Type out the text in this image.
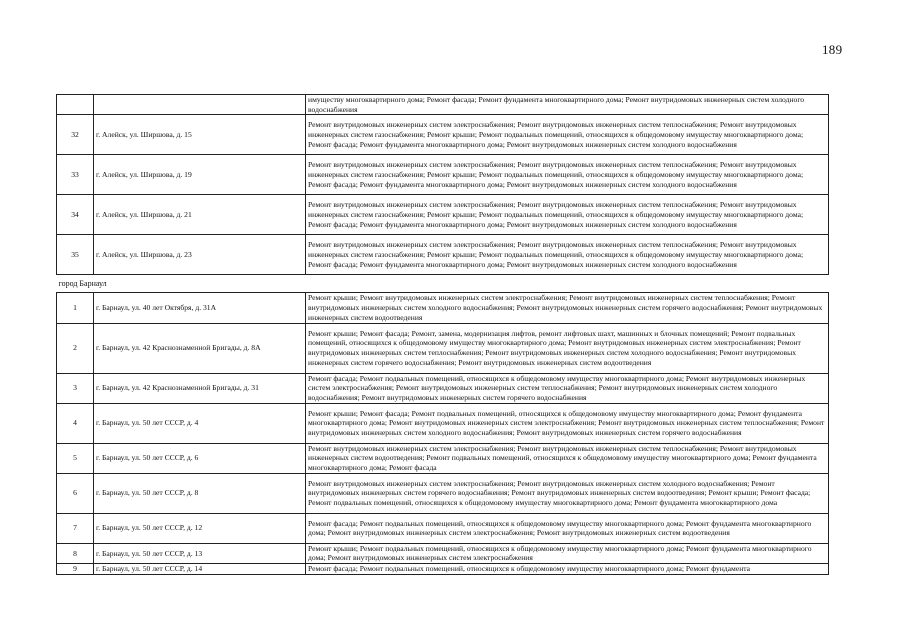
189
		имуществу многоквартирного дома; Ремонт фасада; Ремонт фундамента многоквартирного дома; Ремонт внутридомовых инженерных систем холодного водоснабжения
32	г. Алейск, ул. Ширшова, д. 15	Ремонт внутридомовых инженерных систем электроснабжения; Ремонт внутридомовых инженерных систем теплоснабжения; Ремонт внутридомовых инженерных систем газоснабжения; Ремонт крыши; Ремонт подвальных помещений, относящихся к общедомовому имуществу многоквартирного дома; Ремонт фасада; Ремонт фундамента многоквартирного дома; Ремонт внутридомовых инженерных систем холодного водоснабжения
33	г. Алейск, ул. Ширшова, д. 19	Ремонт внутридомовых инженерных систем электроснабжения; Ремонт внутридомовых инженерных систем теплоснабжения; Ремонт внутридомовых инженерных систем газоснабжения; Ремонт крыши; Ремонт подвальных помещений, относящихся к общедомовому имуществу многоквартирного дома; Ремонт фасада; Ремонт фундамента многоквартирного дома; Ремонт внутридомовых инженерных систем холодного водоснабжения
34	г. Алейск, ул. Ширшова, д. 21	Ремонт внутридомовых инженерных систем электроснабжения; Ремонт внутридомовых инженерных систем теплоснабжения; Ремонт внутридомовых инженерных систем газоснабжения; Ремонт крыши; Ремонт подвальных помещений, относящихся к общедомовому имуществу многоквартирного дома; Ремонт фасада; Ремонт фундамента многоквартирного дома; Ремонт внутридомовых инженерных систем холодного водоснабжения
35	г. Алейск, ул. Ширшова, д. 23	Ремонт внутридомовых инженерных систем электроснабжения; Ремонт внутридомовых инженерных систем теплоснабжения; Ремонт внутридомовых инженерных систем газоснабжения; Ремонт крыши; Ремонт подвальных помещений, относящихся к общедомовому имуществу многоквартирного дома; Ремонт фасада; Ремонт фундамента многоквартирного дома; Ремонт внутридомовых инженерных систем холодного водоснабжения
город Барнаул		
1	г. Барнаул, ул. 40 лет Октября, д. 31А	Ремонт крыши; Ремонт внутридомовых инженерных систем электроснабжения; Ремонт внутридомовых инженерных систем теплоснабжения; Ремонт внутридомовых инженерных систем холодного водоснабжения; Ремонт внутридомовых инженерных систем горячего водоснабжения; Ремонт внутридомовых инженерных систем водоотведения
2	г. Барнаул, ул. 42 Краснознаменной Бригады, д. 8А	Ремонт крыши; Ремонт фасада; Ремонт, замена, модернизация лифтов, ремонт лифтовых шахт, машинных и блочных помещений; Ремонт подвальных помещений, относящихся к общедомовому имуществу многоквартирного дома; Ремонт внутридомовых инженерных систем электроснабжения; Ремонт внутридомовых инженерных систем теплоснабжения; Ремонт внутридомовых инженерных систем холодного водоснабжения; Ремонт внутридомовых инженерных систем горячего водоснабжения; Ремонт внутридомовых инженерных систем водоотведения
3	г. Барнаул, ул. 42 Краснознаменной Бригады, д. 31	Ремонт фасада; Ремонт подвальных помещений, относящихся к общедомовому имуществу многоквартирного дома; Ремонт внутридомовых инженерных систем электроснабжения; Ремонт внутридомовых инженерных систем теплоснабжения; Ремонт внутридомовых инженерных систем холодного водоснабжения; Ремонт внутридомовых инженерных систем горячего водоснабжения
4	г. Барнаул, ул. 50 лет СССР, д. 4	Ремонт крыши; Ремонт фасада; Ремонт подвальных помещений, относящихся к общедомовому имуществу многоквартирного дома; Ремонт фундамента многоквартирного дома; Ремонт внутридомовых инженерных систем электроснабжения; Ремонт внутридомовых инженерных систем теплоснабжения; Ремонт внутридомовых инженерных систем холодного водоснабжения; Ремонт внутридомовых инженерных систем горячего водоснабжения
5	г. Барнаул, ул. 50 лет СССР, д. 6	Ремонт внутридомовых инженерных систем электроснабжения; Ремонт внутридомовых инженерных систем теплоснабжения; Ремонт внутридомовых инженерных систем водоотведения; Ремонт подвальных помещений, относящихся к общедомовому имуществу многоквартирного дома; Ремонт фундамента многоквартирного дома; Ремонт фасада
6	г. Барнаул, ул. 50 лет СССР, д. 8	Ремонт внутридомовых инженерных систем электроснабжения; Ремонт внутридомовых инженерных систем холодного водоснабжения; Ремонт внутридомовых инженерных систем горячего водоснабжения; Ремонт внутридомовых инженерных систем водоотведения; Ремонт крыши; Ремонт фасада; Ремонт подвальных помещений, относящихся к общедомовому имуществу многоквартирного дома; Ремонт фундамента многоквартирного дома
7	г. Барнаул, ул. 50 лет СССР, д. 12	Ремонт фасада; Ремонт подвальных помещений, относящихся к общедомовому имуществу многоквартирного дома; Ремонт фундамента многоквартирного дома; Ремонт внутридомовых инженерных систем электроснабжения; Ремонт внутридомовых инженерных систем водоотведения
8	г. Барнаул, ул. 50 лет СССР, д. 13	Ремонт крыши; Ремонт подвальных помещений, относящихся к общедомовому имуществу многоквартирного дома; Ремонт фундамента многоквартирного дома; Ремонт внутридомовых инженерных систем электроснабжения
9	г. Барнаул, ул. 50 лет СССР, д. 14	Ремонт фасада; Ремонт подвальных помещений, относящихся к общедомовому имуществу многоквартирного дома; Ремонт фундамента
